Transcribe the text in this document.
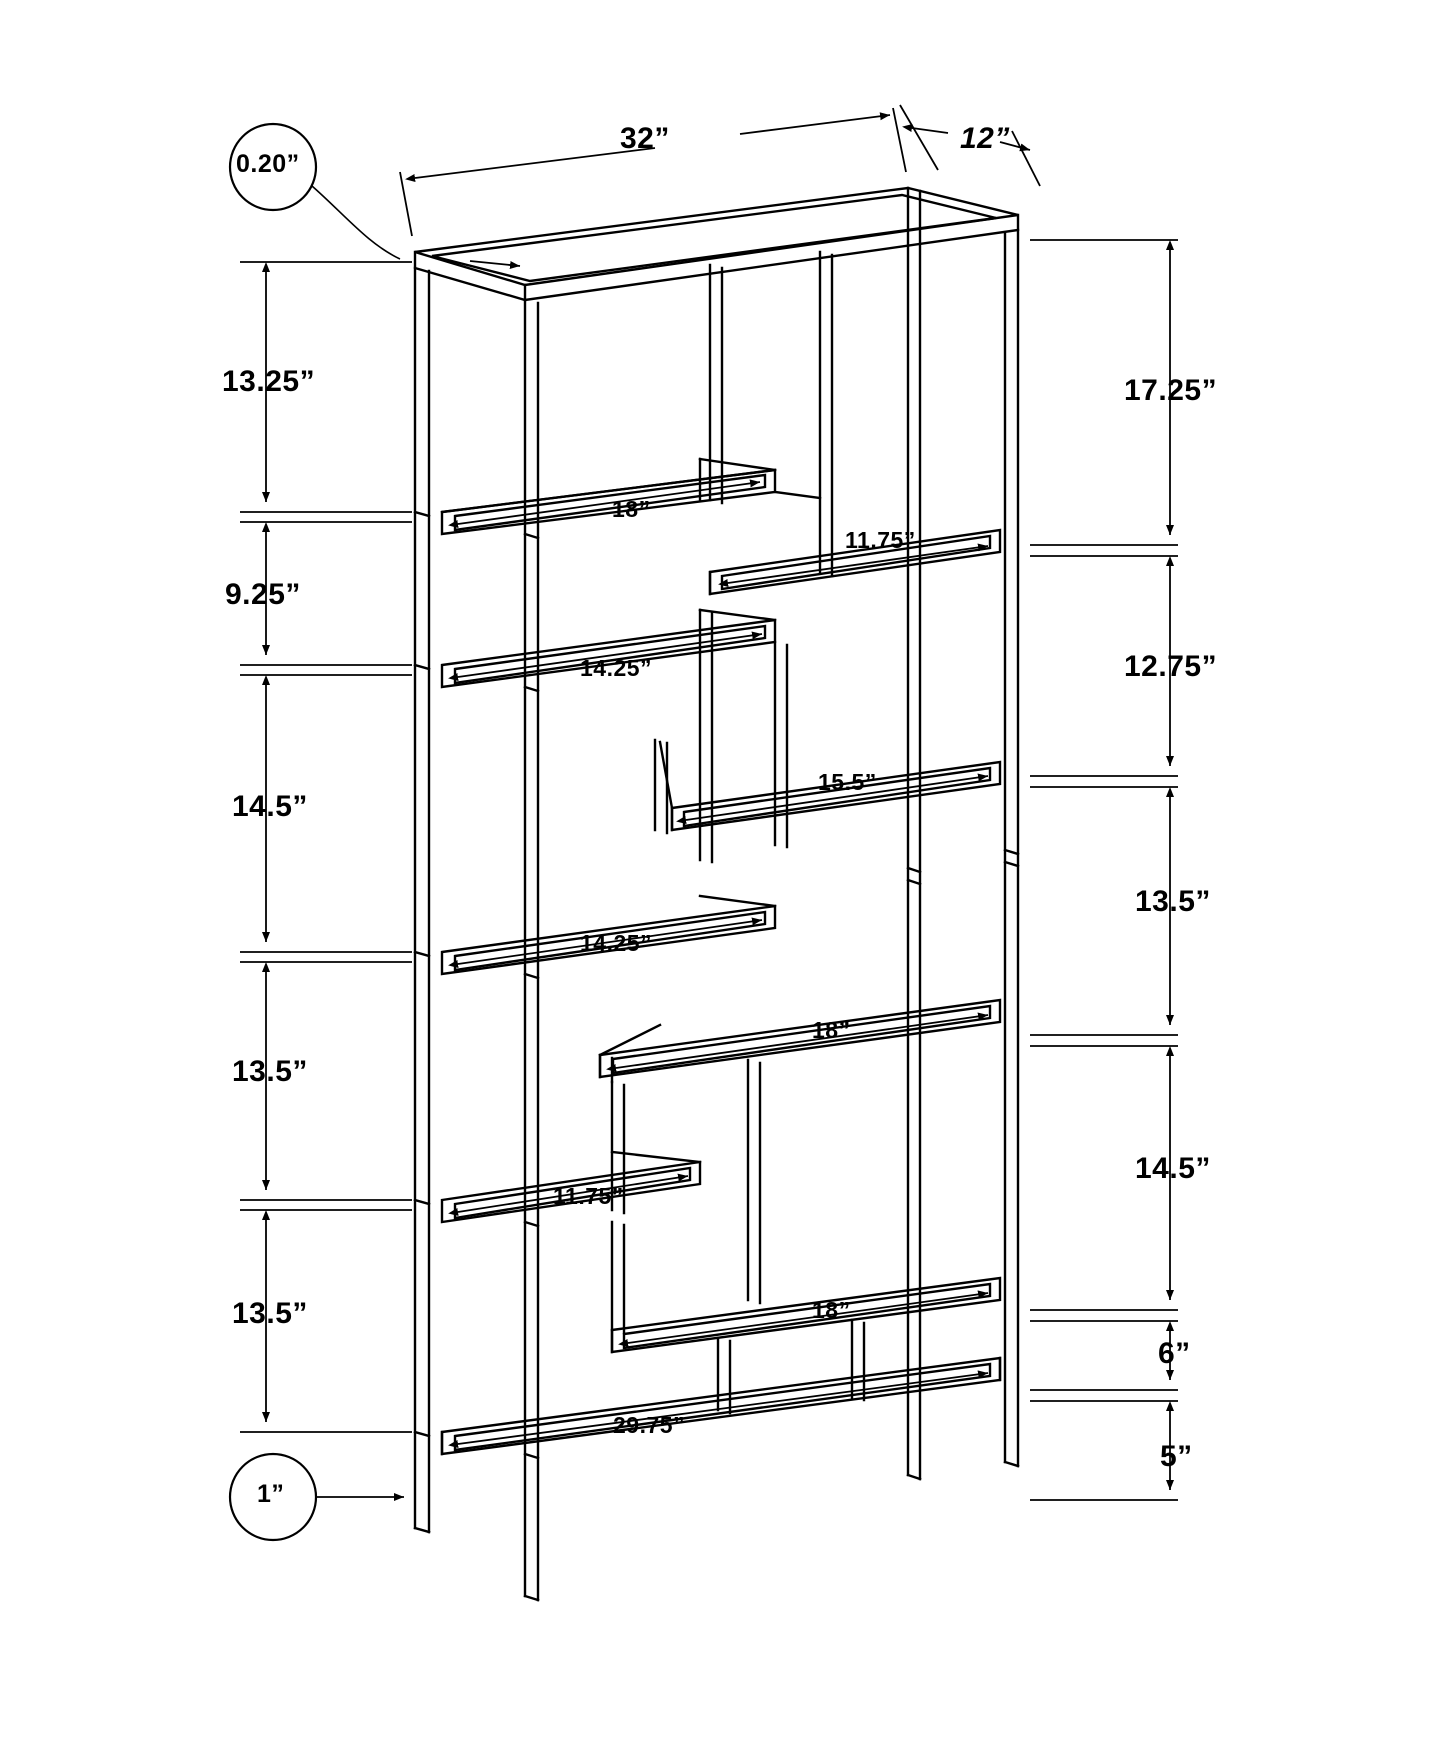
0.20”
1”
32”	12”
13.25”
9.25”
14.5”
13.5”
13.5”
17.25”
12.75”
13.5”
14.5”
6”
5”
18”
11.75”
14.25”
15.5”
14.25”
18”
11.75”
18”
29.75”
